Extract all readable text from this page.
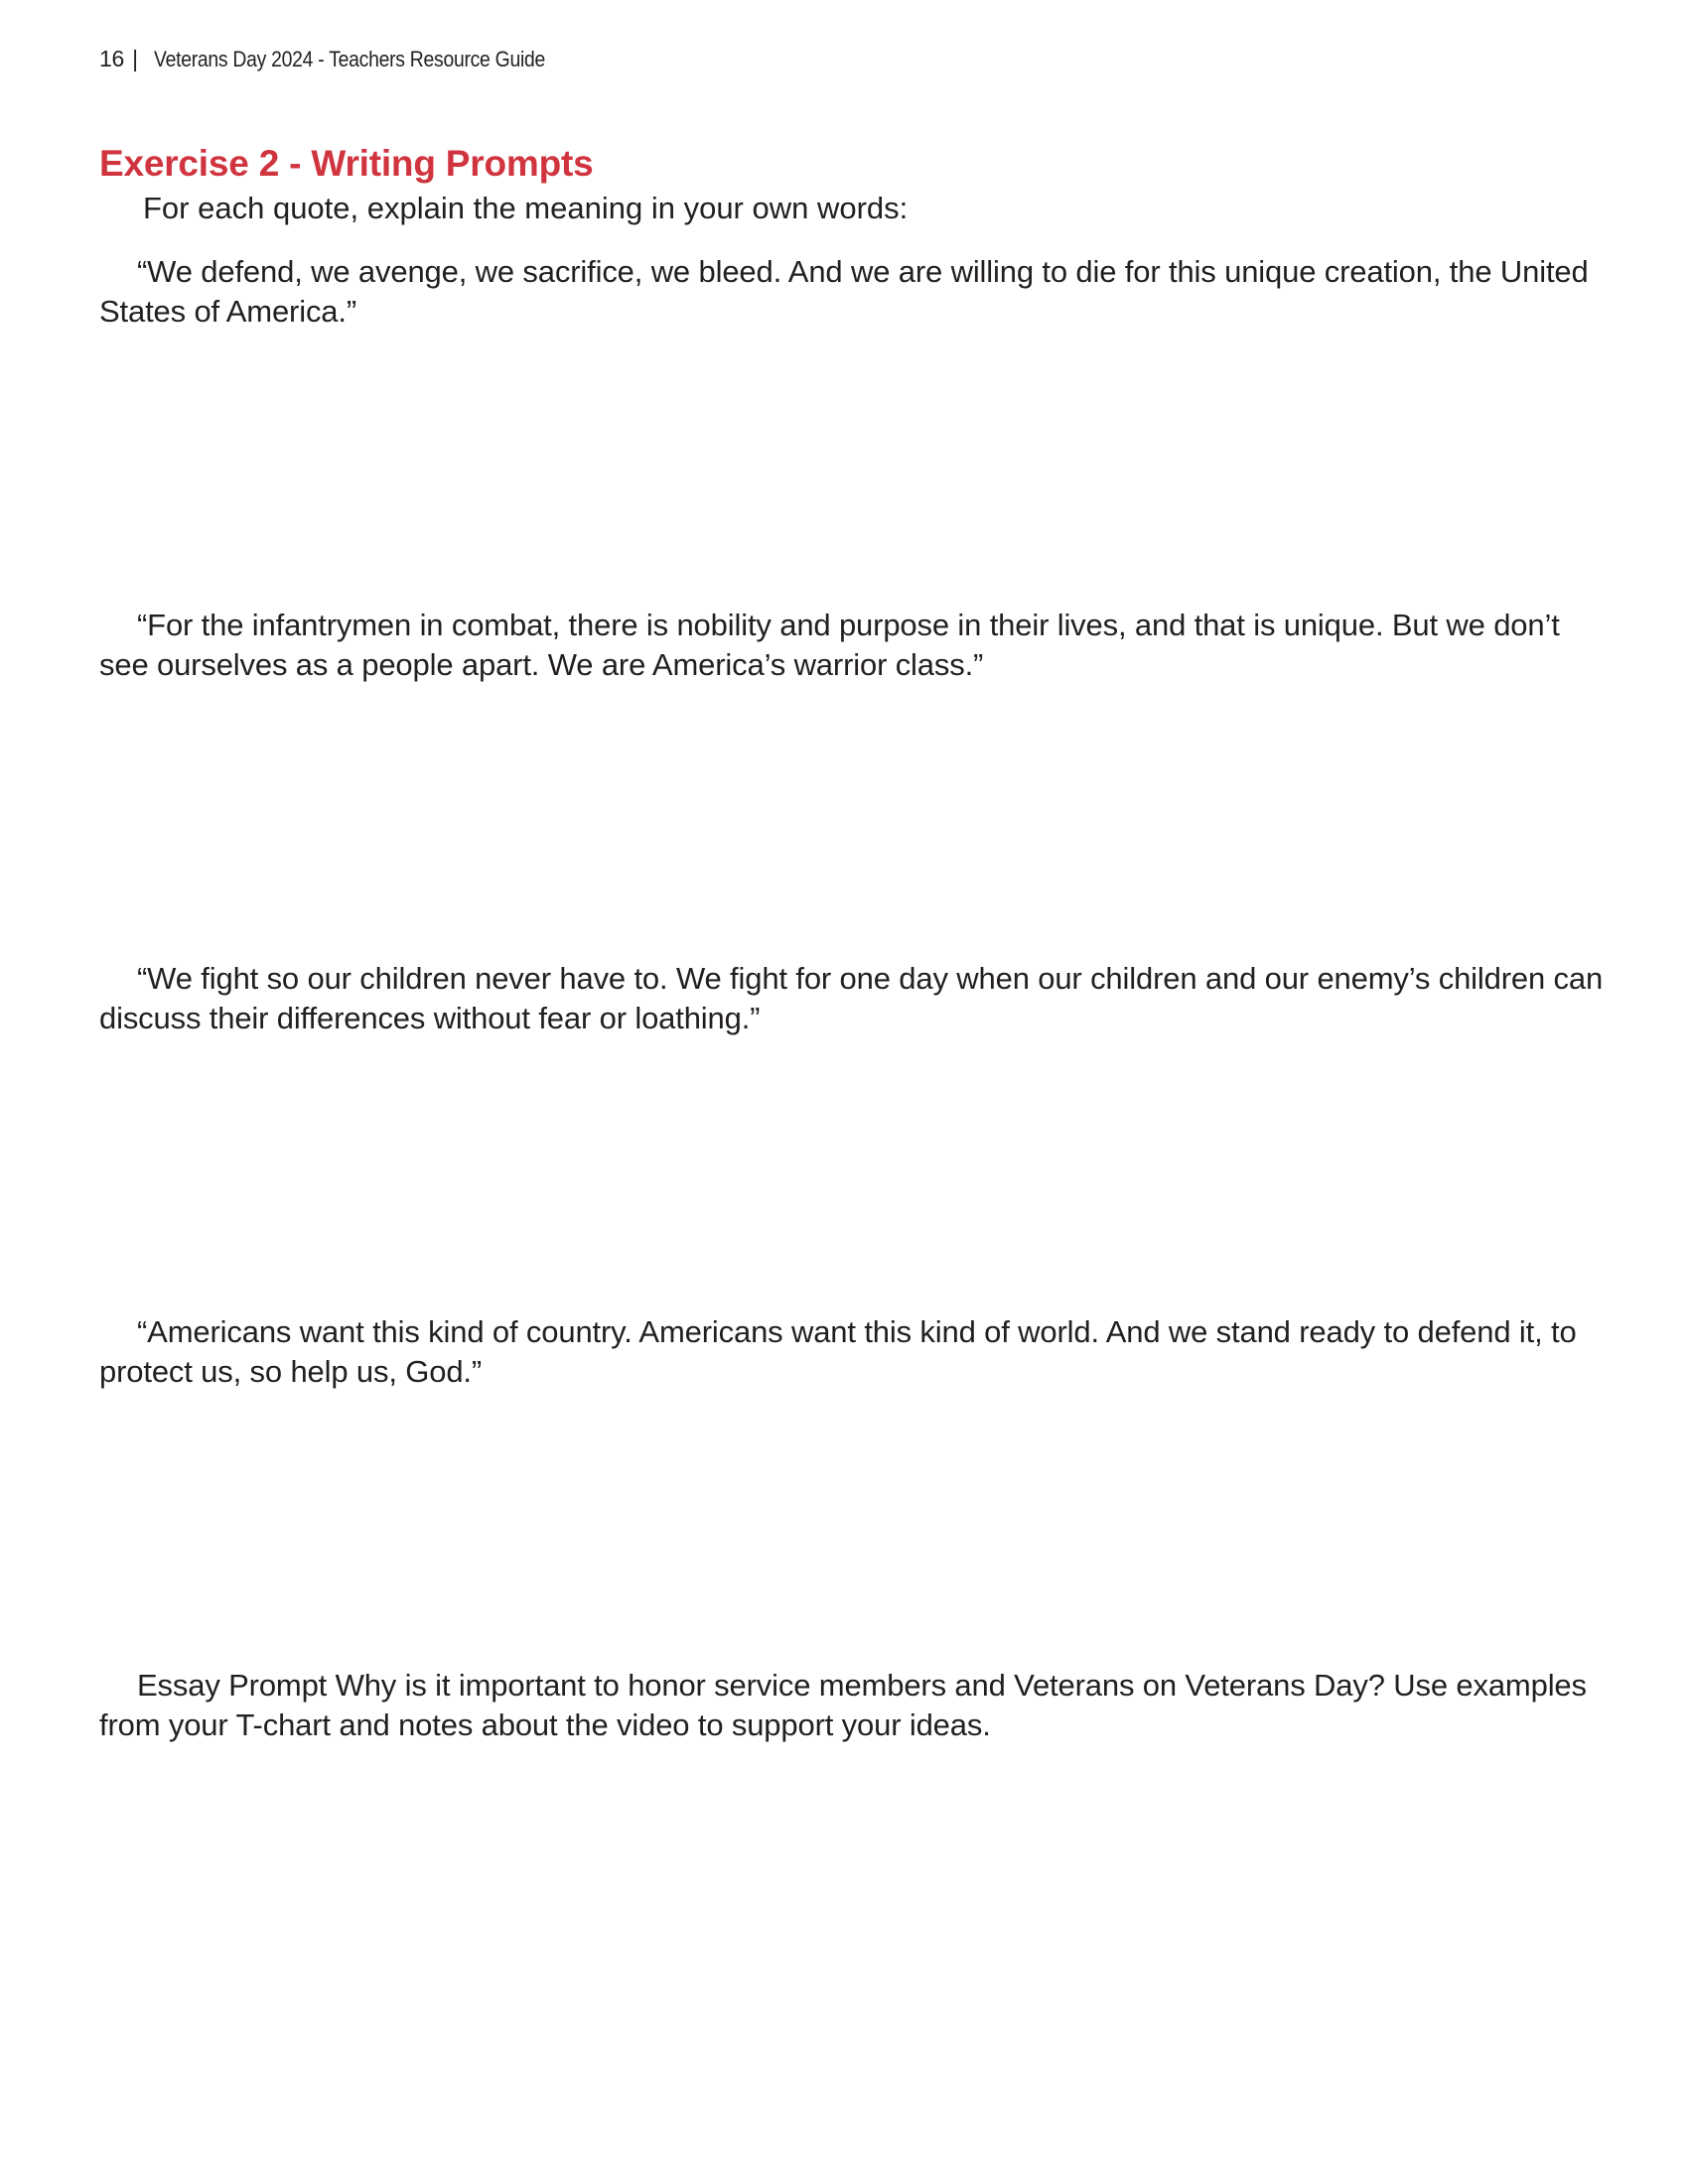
16 | Veterans Day 2024 - Teachers Resource Guide
Exercise 2 - Writing Prompts

For each quote, explain the meaning in your own words:

“We defend, we avenge, we sacrifice, we bleed. And we are willing to die for this unique creation, the United States of America.”

“For the infantrymen in combat, there is nobility and purpose in their lives, and that is unique. But we don’t see ourselves as a people apart. We are America’s warrior class.”

“We fight so our children never have to. We fight for one day when our children and our enemy’s children can discuss their differences without fear or loathing.”

“Americans want this kind of country. Americans want this kind of world. And we stand ready to defend it, to protect us, so help us, God.”

Essay Prompt Why is it important to honor service members and Veterans on Veterans Day? Use examples from your T-chart and notes about the video to support your ideas.
